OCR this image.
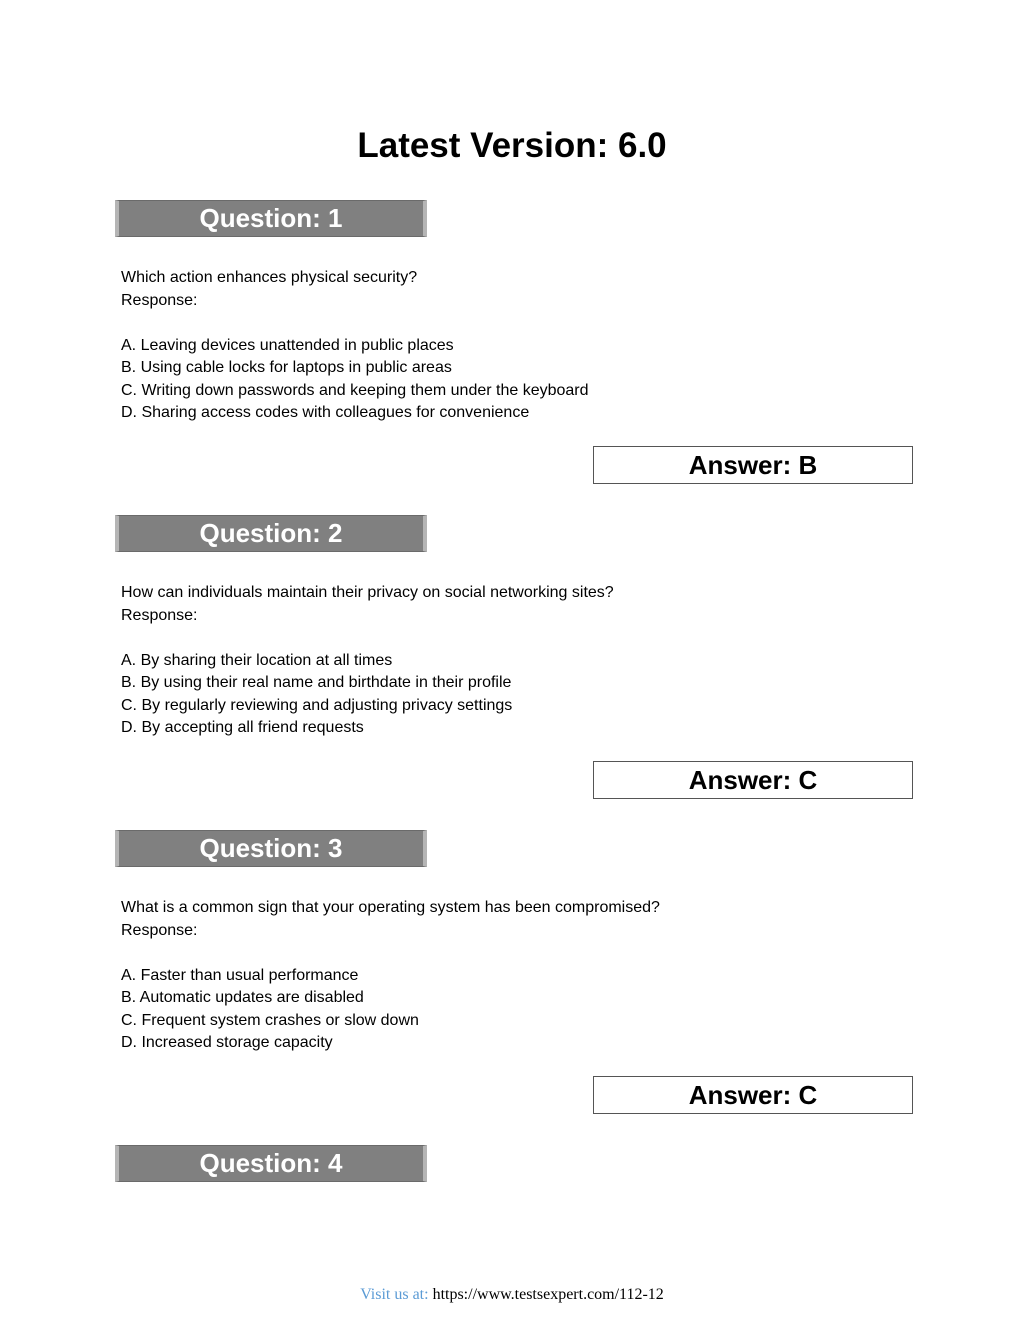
Latest Version: 6.0
Question: 1
Which action enhances physical security?
Response:
A. Leaving devices unattended in public places
B. Using cable locks for laptops in public areas
C. Writing down passwords and keeping them under the keyboard
D. Sharing access codes with colleagues for convenience
Answer: B
Question: 2
How can individuals maintain their privacy on social networking sites?
Response:
A. By sharing their location at all times
B. By using their real name and birthdate in their profile
C. By regularly reviewing and adjusting privacy settings
D. By accepting all friend requests
Answer: C
Question: 3
What is a common sign that your operating system has been compromised?
Response:
A. Faster than usual performance
B. Automatic updates are disabled
C. Frequent system crashes or slow down
D. Increased storage capacity
Answer: C
Question: 4
Visit us at: https://www.testsexpert.com/112-12
